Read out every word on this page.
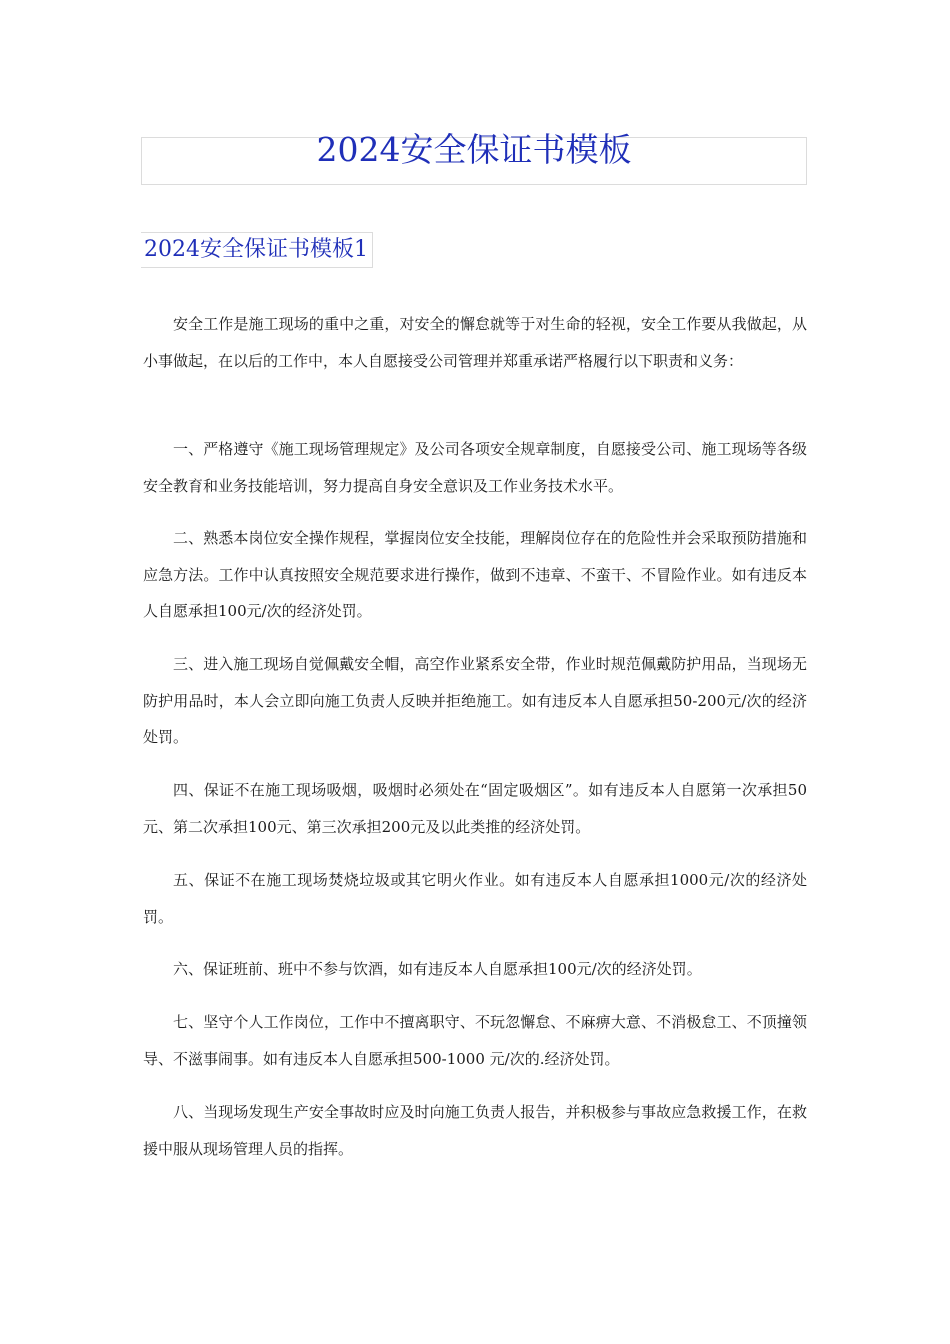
2024安全保证书模板
2024安全保证书模板1

安全工作是施工现场的重中之重，对安全的懈怠就等于对生命的轻视，安全工作要从我做起，从小事做起，在以后的工作中，本人自愿接受公司管理并郑重承诺严格履行以下职责和义务：

一、严格遵守《施工现场管理规定》及公司各项安全规章制度，自愿接受公司、施工现场等各级安全教育和业务技能培训，努力提高自身安全意识及工作业务技术水平。

二、熟悉本岗位安全操作规程，掌握岗位安全技能，理解岗位存在的危险性并会采取预防措施和应急方法。工作中认真按照安全规范要求进行操作，做到不违章、不蛮干、不冒险作业。如有违反本人自愿承担100元/次的经济处罚。

三、进入施工现场自觉佩戴安全帽，高空作业紧系安全带，作业时规范佩戴防护用品，当现场无防护用品时，本人会立即向施工负责人反映并拒绝施工。如有违反本人自愿承担50-200元/次的经济处罚。

四、保证不在施工现场吸烟，吸烟时必须处在“固定吸烟区”。如有违反本人自愿第一次承担50元、第二次承担100元、第三次承担200元及以此类推的经济处罚。

五、保证不在施工现场焚烧垃圾或其它明火作业。如有违反本人自愿承担1000元/次的经济处罚。

六、保证班前、班中不参与饮酒，如有违反本人自愿承担100元/次的经济处罚。

七、坚守个人工作岗位，工作中不擅离职守、不玩忽懈怠、不麻痹大意、不消极怠工、不顶撞领导、不滋事闹事。如有违反本人自愿承担500-1000 元/次的.经济处罚。

八、当现场发现生产安全事故时应及时向施工负责人报告，并积极参与事故应急救援工作，在救援中服从现场管理人员的指挥。
